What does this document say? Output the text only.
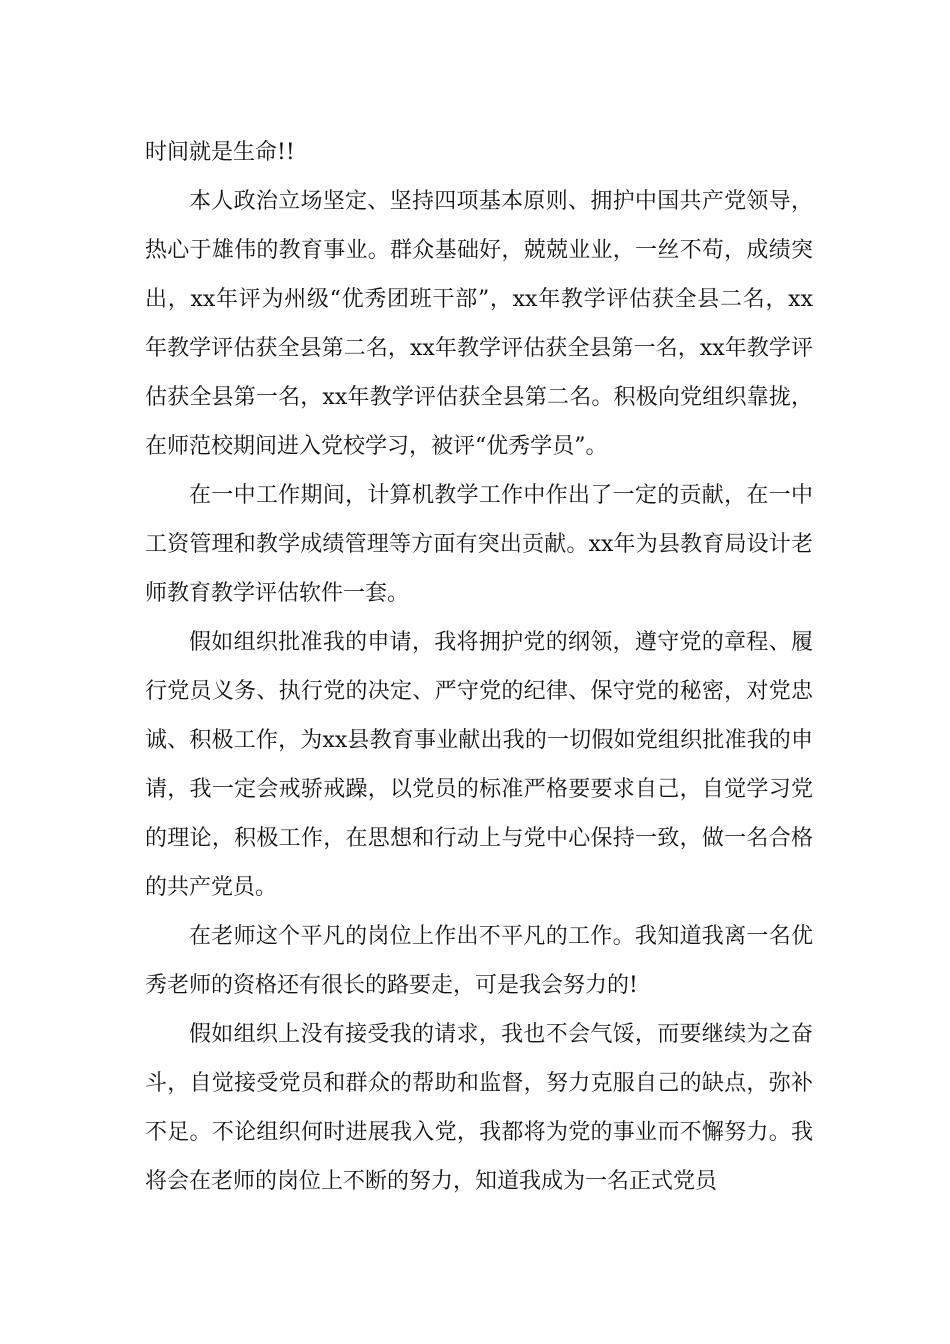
时间就是生命!!

本人政治立场坚定、坚持四项基本原则、拥护中国共产党领导，热心于雄伟的教育事业。群众基础好，兢兢业业，一丝不苟，成绩突出，xx年评为州级“优秀团班干部”，xx年教学评估获全县二名，xx年教学评估获全县第二名，xx年教学评估获全县第一名，xx年教学评估获全县第一名，xx年教学评估获全县第二名。积极向党组织靠拢，在师范校期间进入党校学习，被评“优秀学员”。

在一中工作期间，计算机教学工作中作出了一定的贡献，在一中工资管理和教学成绩管理等方面有突出贡献。xx年为县教育局设计老师教育教学评估软件一套。

假如组织批准我的申请，我将拥护党的纲领，遵守党的章程、履行党员义务、执行党的决定、严守党的纪律、保守党的秘密，对党忠诚、积极工作，为xx县教育事业献出我的一切假如党组织批准我的申请，我一定会戒骄戒躁，以党员的标准严格要要求自己，自觉学习党的理论，积极工作，在思想和行动上与党中心保持一致，做一名合格的共产党员。

在老师这个平凡的岗位上作出不平凡的工作。我知道我离一名优秀老师的资格还有很长的路要走，可是我会努力的!

假如组织上没有接受我的请求，我也不会气馁，而要继续为之奋斗，自觉接受党员和群众的帮助和监督，努力克服自己的缺点，弥补不足。不论组织何时进展我入党，我都将为党的事业而不懈努力。我将会在老师的岗位上不断的努力，知道我成为一名正式党员
